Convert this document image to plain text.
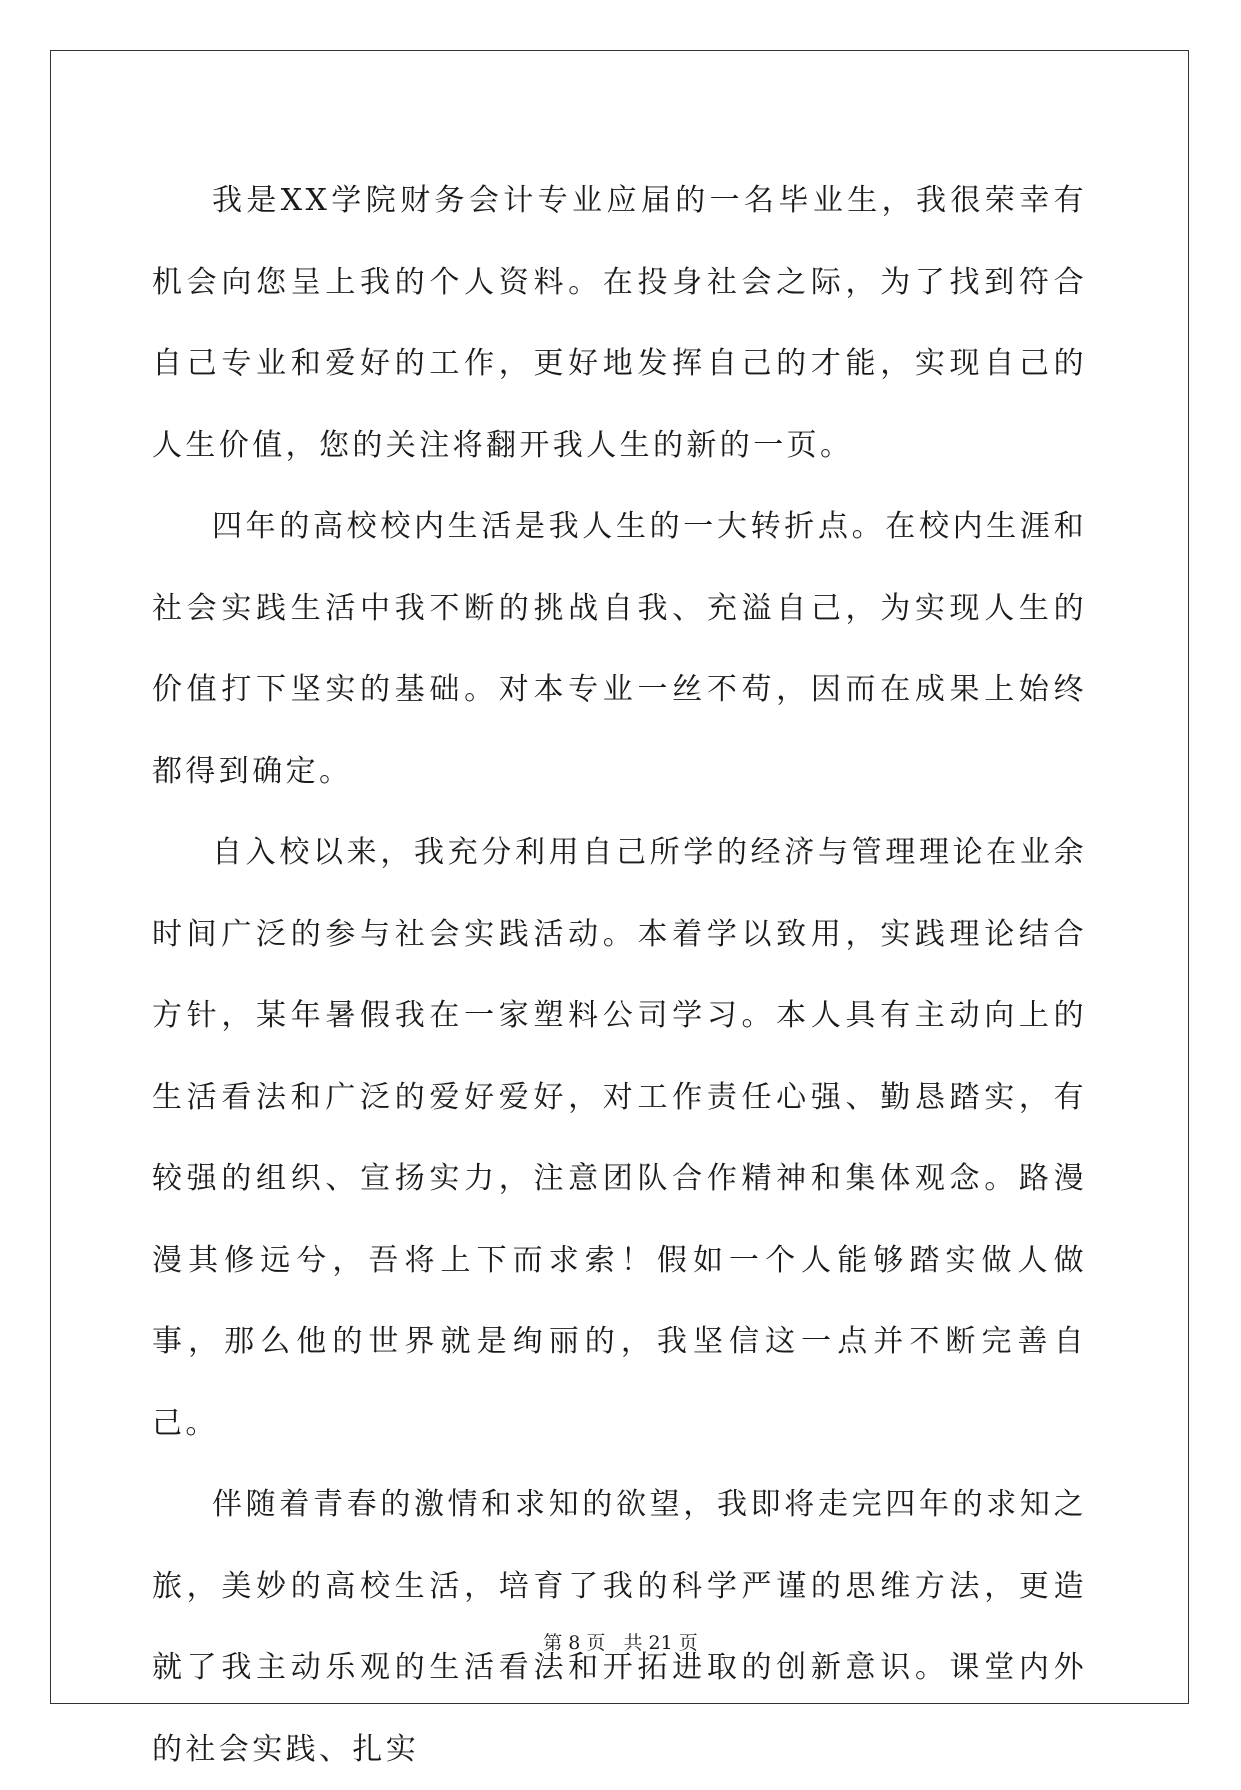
我是XX学院财务会计专业应届的一名毕业生，我很荣幸有机会向您呈上我的个人资料。在投身社会之际，为了找到符合自己专业和爱好的工作，更好地发挥自己的才能，实现自己的人生价值，您的关注将翻开我人生的新的一页。

四年的高校校内生活是我人生的一大转折点。在校内生涯和社会实践生活中我不断的挑战自我、充溢自己，为实现人生的价值打下坚实的基础。对本专业一丝不苟，因而在成果上始终都得到确定。

自入校以来，我充分利用自己所学的经济与管理理论在业余时间广泛的参与社会实践活动。本着学以致用，实践理论结合方针，某年暑假我在一家塑料公司学习。本人具有主动向上的生活看法和广泛的爱好爱好，对工作责任心强、勤恳踏实，有较强的组织、宣扬实力，注意团队合作精神和集体观念。路漫漫其修远兮，吾将上下而求索！假如一个人能够踏实做人做事，那么他的世界就是绚丽的，我坚信这一点并不断完善自己。

伴随着青春的激情和求知的欲望，我即将走完四年的求知之旅，美妙的高校生活，培育了我的科学严谨的思维方法，更造就了我主动乐观的生活看法和开拓进取的创新意识。课堂内外的社会实践、扎实

第 8 页   共 21 页
